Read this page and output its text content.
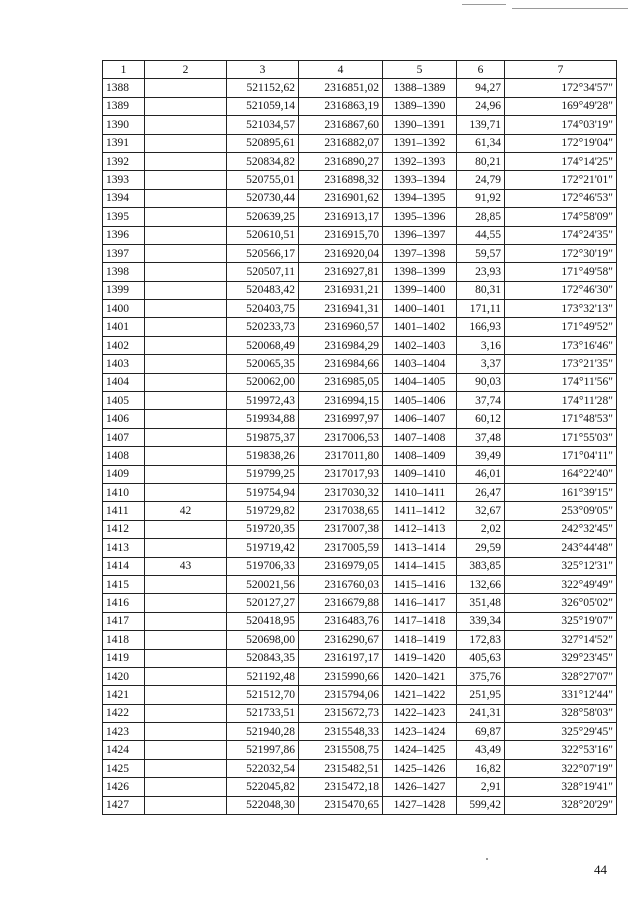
1	2	3	4	5	6	7
1388		521152,62	2316851,02	1388–1389	94,27	172°34'57"
1389		521059,14	2316863,19	1389–1390	24,96	169°49'28"
1390		521034,57	2316867,60	1390–1391	139,71	174°03'19"
1391		520895,61	2316882,07	1391–1392	61,34	172°19'04"
1392		520834,82	2316890,27	1392–1393	80,21	174°14'25"
1393		520755,01	2316898,32	1393–1394	24,79	172°21'01"
1394		520730,44	2316901,62	1394–1395	91,92	172°46'53"
1395		520639,25	2316913,17	1395–1396	28,85	174°58'09"
1396		520610,51	2316915,70	1396–1397	44,55	174°24'35"
1397		520566,17	2316920,04	1397–1398	59,57	172°30'19"
1398		520507,11	2316927,81	1398–1399	23,93	171°49'58"
1399		520483,42	2316931,21	1399–1400	80,31	172°46'30"
1400		520403,75	2316941,31	1400–1401	171,11	173°32'13"
1401		520233,73	2316960,57	1401–1402	166,93	171°49'52"
1402		520068,49	2316984,29	1402–1403	3,16	173°16'46"
1403		520065,35	2316984,66	1403–1404	3,37	173°21'35"
1404		520062,00	2316985,05	1404–1405	90,03	174°11'56"
1405		519972,43	2316994,15	1405–1406	37,74	174°11'28"
1406		519934,88	2316997,97	1406–1407	60,12	171°48'53"
1407		519875,37	2317006,53	1407–1408	37,48	171°55'03"
1408		519838,26	2317011,80	1408–1409	39,49	171°04'11"
1409		519799,25	2317017,93	1409–1410	46,01	164°22'40"
1410		519754,94	2317030,32	1410–1411	26,47	161°39'15"
1411	42	519729,82	2317038,65	1411–1412	32,67	253°09'05"
1412		519720,35	2317007,38	1412–1413	2,02	242°32'45"
1413		519719,42	2317005,59	1413–1414	29,59	243°44'48"
1414	43	519706,33	2316979,05	1414–1415	383,85	325°12'31"
1415		520021,56	2316760,03	1415–1416	132,66	322°49'49"
1416		520127,27	2316679,88	1416–1417	351,48	326°05'02"
1417		520418,95	2316483,76	1417–1418	339,34	325°19'07"
1418		520698,00	2316290,67	1418–1419	172,83	327°14'52"
1419		520843,35	2316197,17	1419–1420	405,63	329°23'45"
1420		521192,48	2315990,66	1420–1421	375,76	328°27'07"
1421		521512,70	2315794,06	1421–1422	251,95	331°12'44"
1422		521733,51	2315672,73	1422–1423	241,31	328°58'03"
1423		521940,28	2315548,33	1423–1424	69,87	325°29'45"
1424		521997,86	2315508,75	1424–1425	43,49	322°53'16"
1425		522032,54	2315482,51	1425–1426	16,82	322°07'19"
1426		522045,82	2315472,18	1426–1427	2,91	328°19'41"
1427		522048,30	2315470,65	1427–1428	599,42	328°20'29"
44
